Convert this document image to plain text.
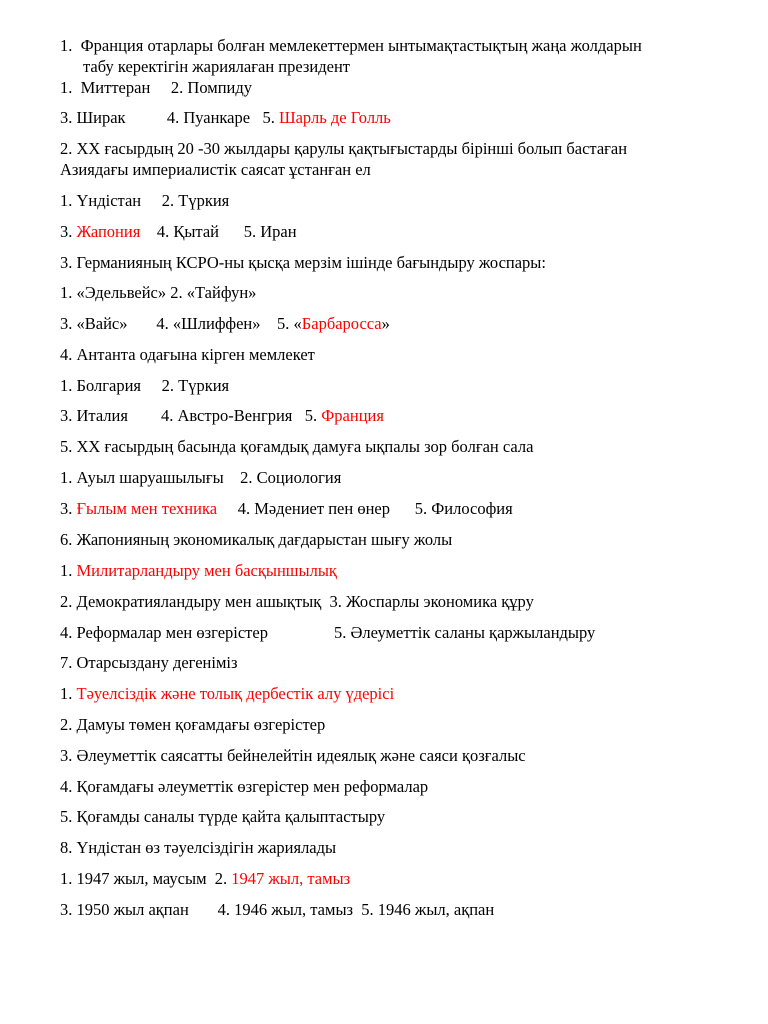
1.  Франция отарлары болған мемлекеттермен ынтымақтастықтың жаңа жолдарын
табу керектігін жариялаған президент
1.  Миттеран     2. Помпиду
3. Ширак          4. Пуанкаре   5. Шарль де Голль
2. ХХ ғасырдың 20 -30 жылдары қарулы қақтығыстарды бірінші болып бастаған
Азиядағы империалистік саясат ұстанған ел
1. Үндістан     2. Түркия
3. Жапония    4. Қытай      5. Иран
3. Германияның КСРО-ны қысқа мерзім ішінде бағындыру жоспары:
1. «Эдельвейс» 2. «Тайфун»
3. «Вайс»       4. «Шлиффен»    5. «Барбаросса»
4. Антанта одағына кірген мемлекет
1. Болгария     2. Түркия
3. Италия        4. Австро-Венгрия   5. Франция
5. ХХ ғасырдың басында қоғамдық дамуға ықпалы зор болған сала
1. Ауыл шаруашылығы    2. Социология
3. Ғылым мен техника     4. Мәдениет пен өнер      5. Философия
6. Жапонияның экономикалық дағдарыстан шығу жолы
1. Милитарландыру мен басқыншылық
2. Демократияландыру мен ашықтық  3. Жоспарлы экономика құру
4. Реформалар мен өзгерістер                5. Әлеуметтік саланы қаржыландыру
7. Отарсыздану дегеніміз
1. Тәуелсіздік және толық дербестік алу үдерісі
2. Дамуы төмен қоғамдағы өзгерістер
3. Әлеуметтік саясатты бейнелейтін идеялық және саяси қозғалыс
4. Қоғамдағы әлеуметтік өзгерістер мен реформалар
5. Қоғамды саналы түрде қайта қалыптастыру
8. Үндістан өз тәуелсіздігін жариялады
1. 1947 жыл, маусым  2. 1947 жыл, тамыз
3. 1950 жыл ақпан       4. 1946 жыл, тамыз  5. 1946 жыл, ақпан
